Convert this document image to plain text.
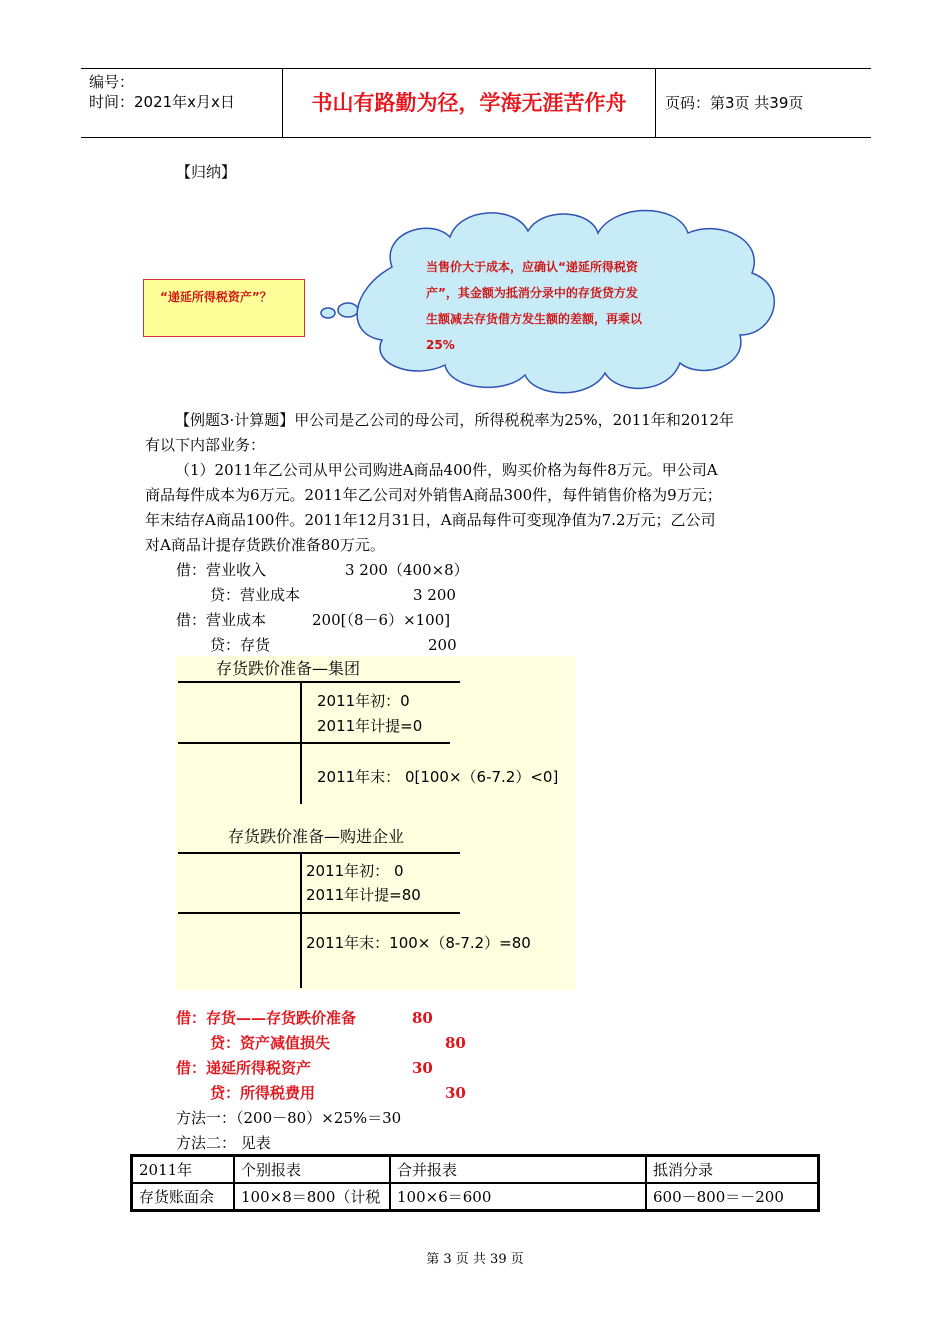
编号：
时间：2021年x月x日	书山有路勤为径，学海无涯苦作舟	页码：第3页 共39页
【归纳】
“递延所得税资产”？
当售价大于成本，应确认“递延所得税资
产”，其金额为抵消分录中的存货贷方发
生额减去存货借方发生额的差额，再乘以
25%
【例题3·计算题】甲公司是乙公司的母公司，所得税税率为25%，2011年和2012年
有以下内部业务：
（1）2011年乙公司从甲公司购进A商品400件，购买价格为每件8万元。甲公司A
商品每件成本为6万元。2011年乙公司对外销售A商品300件，每件销售价格为9万元；
年末结存A商品100件。2011年12月31日，A商品每件可变现净值为7.2万元；乙公司
对A商品计提存货跌价准备80万元。
借：营业收入	3 200（400×8）
贷：营业成本	3 200
借：营业成本	200[（8－6）×100]
贷：存货	200
存货跌价准备—集团
2011年初：0
2011年计提=0
2011年末： 0[100×（6-7.2）<0]
存货跌价准备—购进企业
2011年初： 0
2011年计提=80
2011年末：100×（8-7.2）=80
借：存货——存货跌价准备	80
贷：资产减值损失	80
借：递延所得税资产	30
贷：所得税费用	30
方法一：（200－80）×25%＝30
方法二： 见表
2011年	个别报表	合并报表	抵消分录
存货账面余	100×8＝800（计税	100×6＝600	600－800＝－200
第 3 页 共 39 页
